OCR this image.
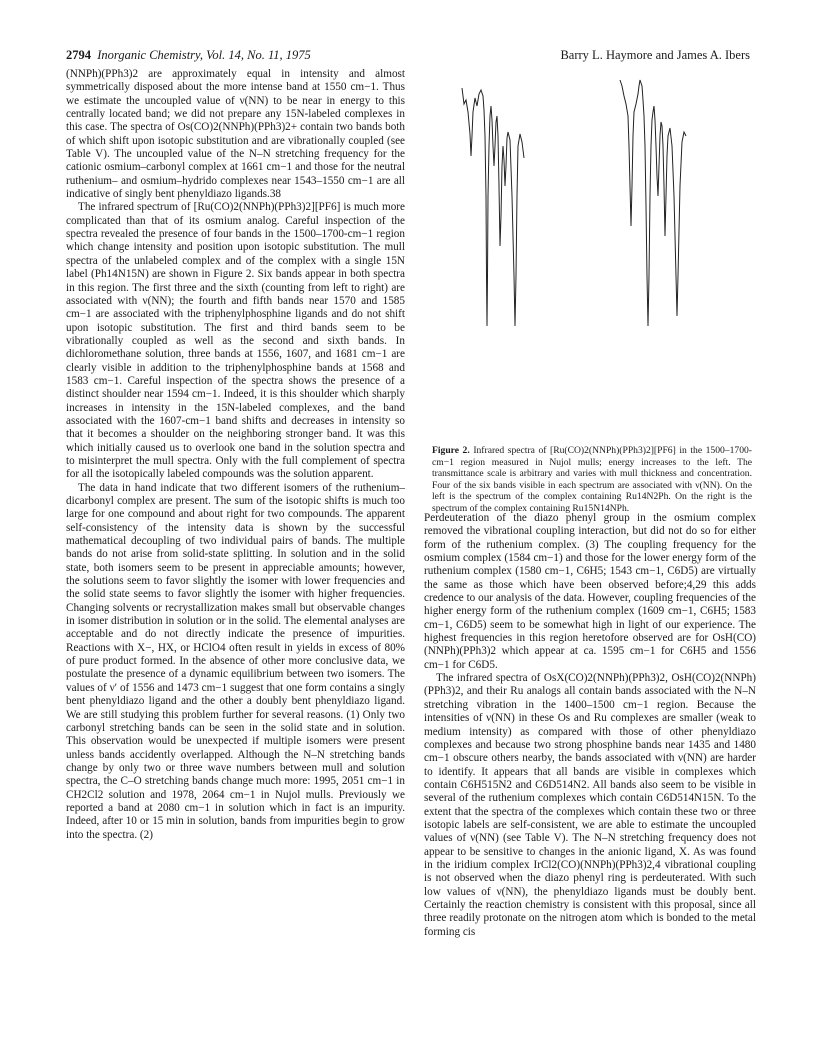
2794 Inorganic Chemistry, Vol. 14, No. 11, 1975	Barry L. Haymore and James A. Ibers

(NNPh)(PPh3)2 are approximately equal in intensity and almost symmetrically disposed about the more intense band at 1550 cm−1. Thus we estimate the uncoupled value of ν(NN) to be near in energy to this centrally located band; we did not prepare any 15N-labeled complexes in this case. The spectra of Os(CO)2(NNPh)(PPh3)2+ contain two bands both of which shift upon isotopic substitution and are vibrationally coupled (see Table V). The uncoupled value of the N–N stretching frequency for the cationic osmium–carbonyl complex at 1661 cm−1 and those for the neutral ruthenium– and osmium–hydrido complexes near 1543–1550 cm−1 are all indicative of singly bent phenyldiazo ligands.38

The infrared spectrum of [Ru(CO)2(NNPh)(PPh3)2][PF6] is much more complicated than that of its osmium analog. Careful inspection of the spectra revealed the presence of four bands in the 1500–1700-cm−1 region which change intensity and position upon isotopic substitution. The mull spectra of the unlabeled complex and of the complex with a single 15N label (Ph14N15N) are shown in Figure 2. Six bands appear in both spectra in this region. The first three and the sixth (counting from left to right) are associated with ν(NN); the fourth and fifth bands near 1570 and 1585 cm−1 are associated with the triphenylphosphine ligands and do not shift upon isotopic substitution. The first and third bands seem to be vibrationally coupled as well as the second and sixth bands. In dichloromethane solution, three bands at 1556, 1607, and 1681 cm−1 are clearly visible in addition to the triphenylphosphine bands at 1568 and 1583 cm−1. Careful inspection of the spectra shows the presence of a distinct shoulder near 1594 cm−1. Indeed, it is this shoulder which sharply increases in intensity in the 15N-labeled complexes, and the band associated with the 1607-cm−1 band shifts and decreases in intensity so that it becomes a shoulder on the neighboring stronger band. It was this which initially caused us to overlook one band in the solution spectra and to misinterpret the mull spectra. Only with the full complement of spectra for all the isotopically labeled compounds was the solution apparent.

The data in hand indicate that two different isomers of the ruthenium–dicarbonyl complex are present. The sum of the isotopic shifts is much too large for one compound and about right for two compounds. The apparent self-consistency of the intensity data is shown by the successful mathematical decoupling of two individual pairs of bands. The multiple bands do not arise from solid-state splitting. In solution and in the solid state, both isomers seem to be present in appreciable amounts; however, the solutions seem to favor slightly the isomer with lower frequencies and the solid state seems to favor slightly the isomer with higher frequencies. Changing solvents or recrystallization makes small but observable changes in isomer distribution in solution or in the solid. The elemental analyses are acceptable and do not directly indicate the presence of impurities. Reactions with X−, HX, or HClO4 often result in yields in excess of 80% of pure product formed. In the absence of other more conclusive data, we postulate the presence of a dynamic equilibrium between two isomers. The values of ν′ of 1556 and 1473 cm−1 suggest that one form contains a singly bent phenyldiazo ligand and the other a doubly bent phenyldiazo ligand. We are still studying this problem further for several reasons. (1) Only two carbonyl stretching bands can be seen in the solid state and in solution. This observation would be unexpected if multiple isomers were present unless bands accidently overlapped. Although the N–N stretching bands change by only two or three wave numbers between mull and solution spectra, the C–O stretching bands change much more: 1995, 2051 cm−1 in CH2Cl2 solution and 1978, 2064 cm−1 in Nujol mulls. Previously we reported a band at 2080 cm−1 in solution which in fact is an impurity. Indeed, after 10 or 15 min in solution, bands from impurities begin to grow into the spectra. (2)

Figure 2. Infrared spectra of [Ru(CO)2(NNPh)(PPh3)2][PF6] in the 1500–1700-cm−1 region measured in Nujol mulls; energy increases to the left. The transmittance scale is arbitrary and varies with mull thickness and concentration. Four of the six bands visible in each spectrum are associated with ν(NN). On the left is the spectrum of the complex containing Ru14N2Ph. On the right is the spectrum of the complex containing Ru15N14NPh.

Perdeuteration of the diazo phenyl group in the osmium complex removed the vibrational coupling interaction, but did not do so for either form of the ruthenium complex. (3) The coupling frequency for the osmium complex (1584 cm−1) and those for the lower energy form of the ruthenium complex (1580 cm−1, C6H5; 1543 cm−1, C6D5) are virtually the same as those which have been observed before;4,29 this adds credence to our analysis of the data. However, coupling frequencies of the higher energy form of the ruthenium complex (1609 cm−1, C6H5; 1583 cm−1, C6D5) seem to be somewhat high in light of our experience. The highest frequencies in this region heretofore observed are for OsH(CO)(NNPh)(PPh3)2 which appear at ca. 1595 cm−1 for C6H5 and 1556 cm−1 for C6D5.

The infrared spectra of OsX(CO)2(NNPh)(PPh3)2, OsH(CO)2(NNPh)(PPh3)2, and their Ru analogs all contain bands associated with the N–N stretching vibration in the 1400–1500 cm−1 region. Because the intensities of ν(NN) in these Os and Ru complexes are smaller (weak to medium intensity) as compared with those of other phenyldiazo complexes and because two strong phosphine bands near 1435 and 1480 cm−1 obscure others nearby, the bands associated with ν(NN) are harder to identify. It appears that all bands are visible in complexes which contain C6H515N2 and C6D514N2. All bands also seem to be visible in several of the ruthenium complexes which contain C6D514N15N. To the extent that the spectra of the complexes which contain these two or three isotopic labels are self-consistent, we are able to estimate the uncoupled values of ν(NN) (see Table V). The N–N stretching frequency does not appear to be sensitive to changes in the anionic ligand, X. As was found in the iridium complex IrCl2(CO)(NNPh)(PPh3)2,4 vibrational coupling is not observed when the diazo phenyl ring is perdeuterated. With such low values of ν(NN), the phenyldiazo ligands must be doubly bent. Certainly the reaction chemistry is consistent with this proposal, since all three readily protonate on the nitrogen atom which is bonded to the metal forming cis
